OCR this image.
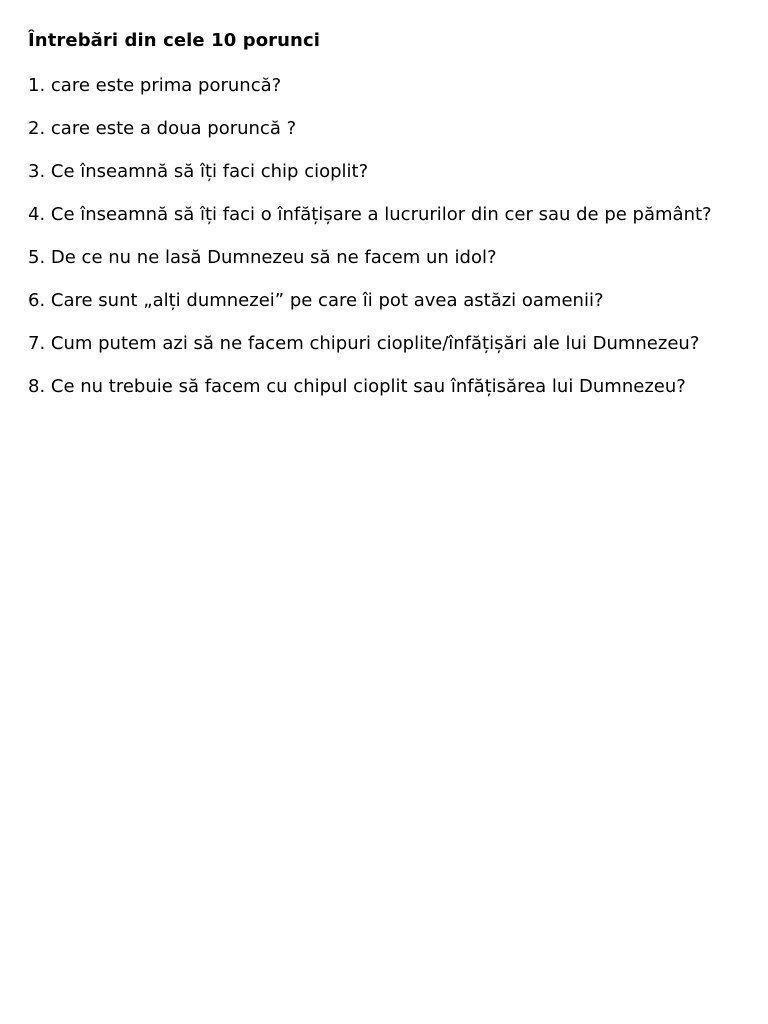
Întrebări din cele 10 porunci
1. care este prima poruncă?
2. care este a doua poruncă ?
3. Ce înseamnă să îți faci chip cioplit?
4. Ce înseamnă să îți faci o înfățișare a lucrurilor din cer sau de pe pământ?
5. De ce nu ne lasă Dumnezeu să ne facem un idol?
6. Care sunt „alți dumnezei” pe care îi pot avea astăzi oamenii?
7. Cum putem azi să ne facem chipuri cioplite/înfățișări ale lui Dumnezeu?
8. Ce nu trebuie să facem cu chipul cioplit sau înfățisărea lui Dumnezeu?
